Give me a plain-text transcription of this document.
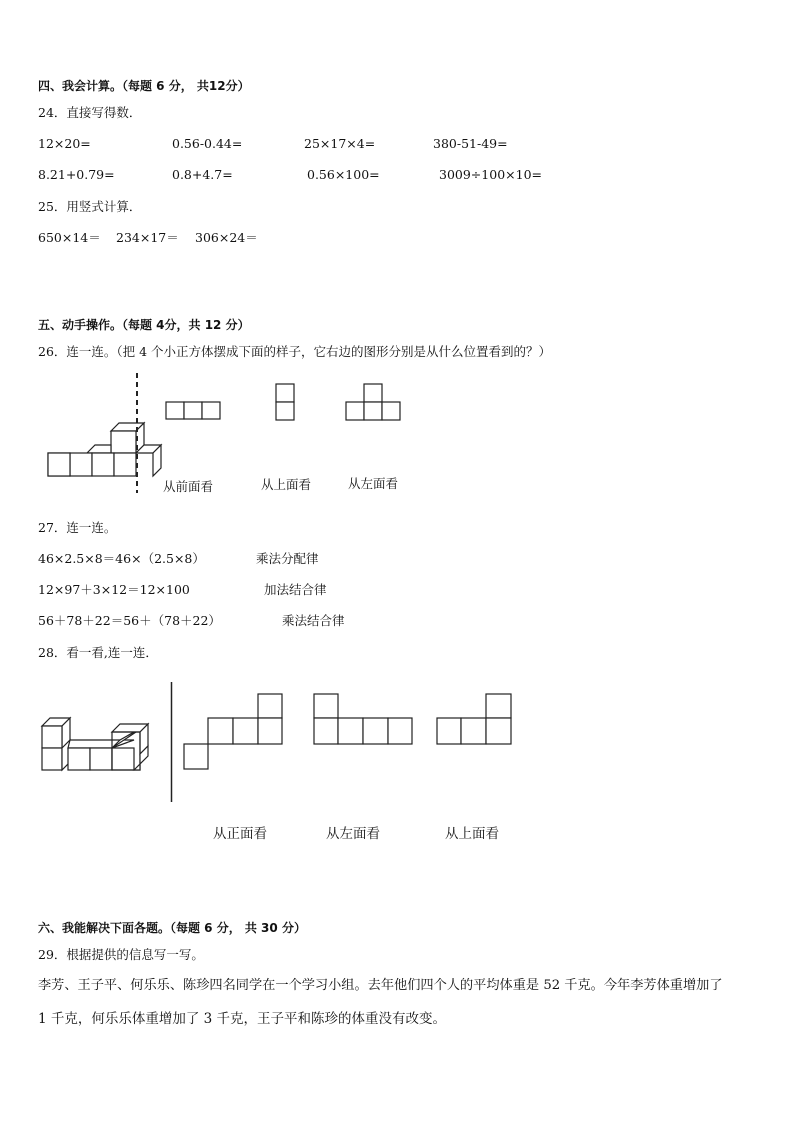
四、我会计算。（每题 6 分， 共12分）
24．直接写得数．
12×20=	0.56-0.44=	25×17×4=	380-51-49=
8.21+0.79=	0.8+4.7=	0.56×100=	3009÷100×10=
25．用竖式计算．
650×14＝ 234×17＝ 306×24＝
五、动手操作。（每题 4分，共 12 分）
26．连一连。（把 4 个小正方体摆成下面的样子，它右边的图形分别是从什么位置看到的？）
从前面看	从上面看	从左面看
27．连一连。
46×2.5×8＝46×（2.5×8）	乘法分配律
12×97＋3×12＝12×100	加法结合律
56＋78＋22＝56＋（78＋22）	乘法结合律
28．看一看,连一连．
从正面看	从左面看	从上面看
六、我能解决下面各题。（每题 6 分， 共 30 分）
29．根据提供的信息写一写。
李芳、王子平、何乐乐、陈珍四名同学在一个学习小组。去年他们四个人的平均体重是 52 千克。今年李芳体重增加了
1 千克，何乐乐体重增加了 3 千克，王子平和陈珍的体重没有改变。
